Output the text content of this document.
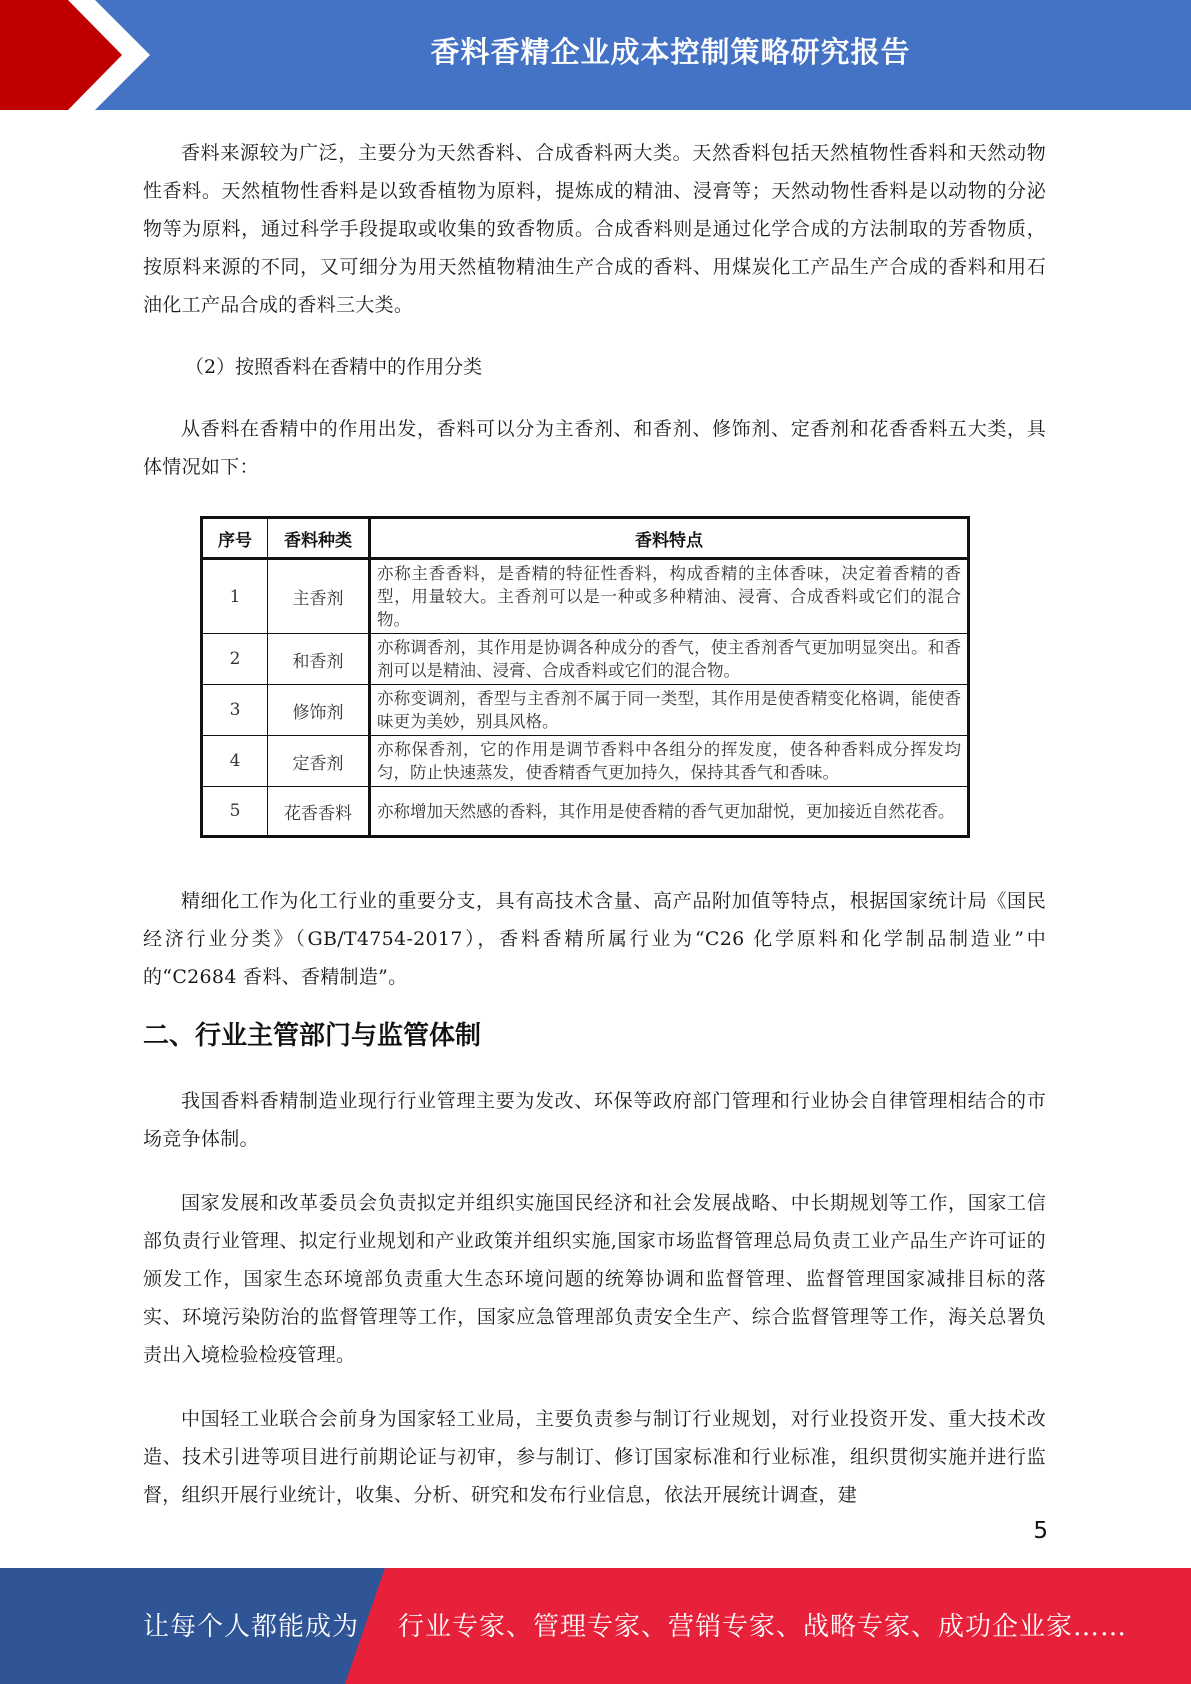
香料香精企业成本控制策略研究报告

香料来源较为广泛，主要分为天然香料、合成香料两大类。天然香料包括天然植物性香料和天然动物性香料。天然植物性香料是以致香植物为原料，提炼成的精油、浸膏等；天然动物性香料是以动物的分泌物等为原料，通过科学手段提取或收集的致香物质。合成香料则是通过化学合成的方法制取的芳香物质，按原料来源的不同，又可细分为用天然植物精油生产合成的香料、用煤炭化工产品生产合成的香料和用石油化工产品合成的香料三大类。

（2）按照香料在香精中的作用分类

从香料在香精中的作用出发，香料可以分为主香剂、和香剂、修饰剂、定香剂和花香香料五大类，具体情况如下：

序号	香料种类	香料特点
1	主香剂	亦称主香香料，是香精的特征性香料，构成香精的主体香味，决定着香精的香型，用量较大。主香剂可以是一种或多种精油、浸膏、合成香料或它们的混合物。
2	和香剂	亦称调香剂，其作用是协调各种成分的香气，使主香剂香气更加明显突出。和香剂可以是精油、浸膏、合成香料或它们的混合物。
3	修饰剂	亦称变调剂，香型与主香剂不属于同一类型，其作用是使香精变化格调，能使香味更为美妙，别具风格。
4	定香剂	亦称保香剂，它的作用是调节香料中各组分的挥发度，使各种香料成分挥发均匀，防止快速蒸发，使香精香气更加持久，保持其香气和香味。
5	花香香料	亦称增加天然感的香料，其作用是使香精的香气更加甜悦，更加接近自然花香。

精细化工作为化工行业的重要分支，具有高技术含量、高产品附加值等特点，根据国家统计局《国民经济行业分类》（GB/T4754-2017），香料香精所属行业为“C26 化学原料和化学制品制造业”中的“C2684 香料、香精制造”。

二、行业主管部门与监管体制

我国香料香精制造业现行行业管理主要为发改、环保等政府部门管理和行业协会自律管理相结合的市场竞争体制。

国家发展和改革委员会负责拟定并组织实施国民经济和社会发展战略、中长期规划等工作，国家工信部负责行业管理、拟定行业规划和产业政策并组织实施,国家市场监督管理总局负责工业产品生产许可证的颁发工作，国家生态环境部负责重大生态环境问题的统筹协调和监督管理、监督管理国家减排目标的落实、环境污染防治的监督管理等工作，国家应急管理部负责安全生产、综合监督管理等工作，海关总署负责出入境检验检疫管理。

中国轻工业联合会前身为国家轻工业局，主要负责参与制订行业规划，对行业投资开发、重大技术改造、技术引进等项目进行前期论证与初审，参与制订、修订国家标准和行业标准，组织贯彻实施并进行监督，组织开展行业统计，收集、分析、研究和发布行业信息，依法开展统计调查，建

5
让每个人都能成为 行业专家、管理专家、营销专家、战略专家、成功企业家……
